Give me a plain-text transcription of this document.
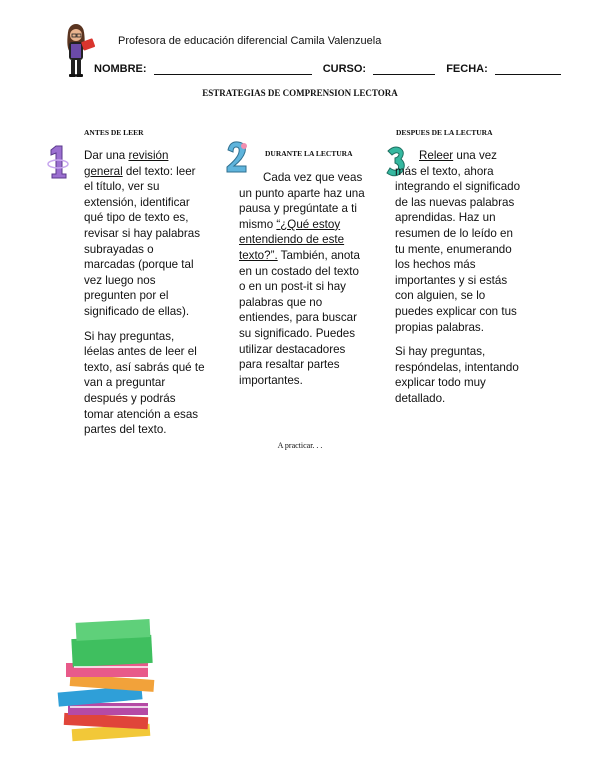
Profesora de educación diferencial Camila Valenzuela
NOMBRE:	CURSO:	FECHA:
ESTRATEGIAS DE COMPRENSION LECTORA
ANTES DE LEER

Dar una revisión general del texto: leer el título, ver su extensión, identificar qué tipo de texto es, revisar si hay palabras subrayadas o marcadas (porque tal vez luego nos pregunten por el significado de ellas).

Si hay preguntas, léelas antes de leer el texto, así sabrás qué te van a preguntar después y podrás tomar atención a esas partes del texto.

DURANTE LA LECTURA

Cada vez que veas un punto aparte haz una pausa y pregúntate a ti mismo “¿Qué estoy entendiendo de este texto?”. También, anota en un costado del texto o en un post-it si hay palabras que no entiendes, para buscar su significado. Puedes utilizar destacadores para resaltar partes importantes.

DESPUES DE LA LECTURA

Releer una vez más el texto, ahora integrando el significado de las nuevas palabras aprendidas. Haz un resumen de lo leído en tu mente, enumerando los hechos más importantes y si estás con alguien, se lo puedes explicar con tus propias palabras.

Si hay preguntas, respóndelas, intentando explicar todo muy detallado.

A practicar. . .
